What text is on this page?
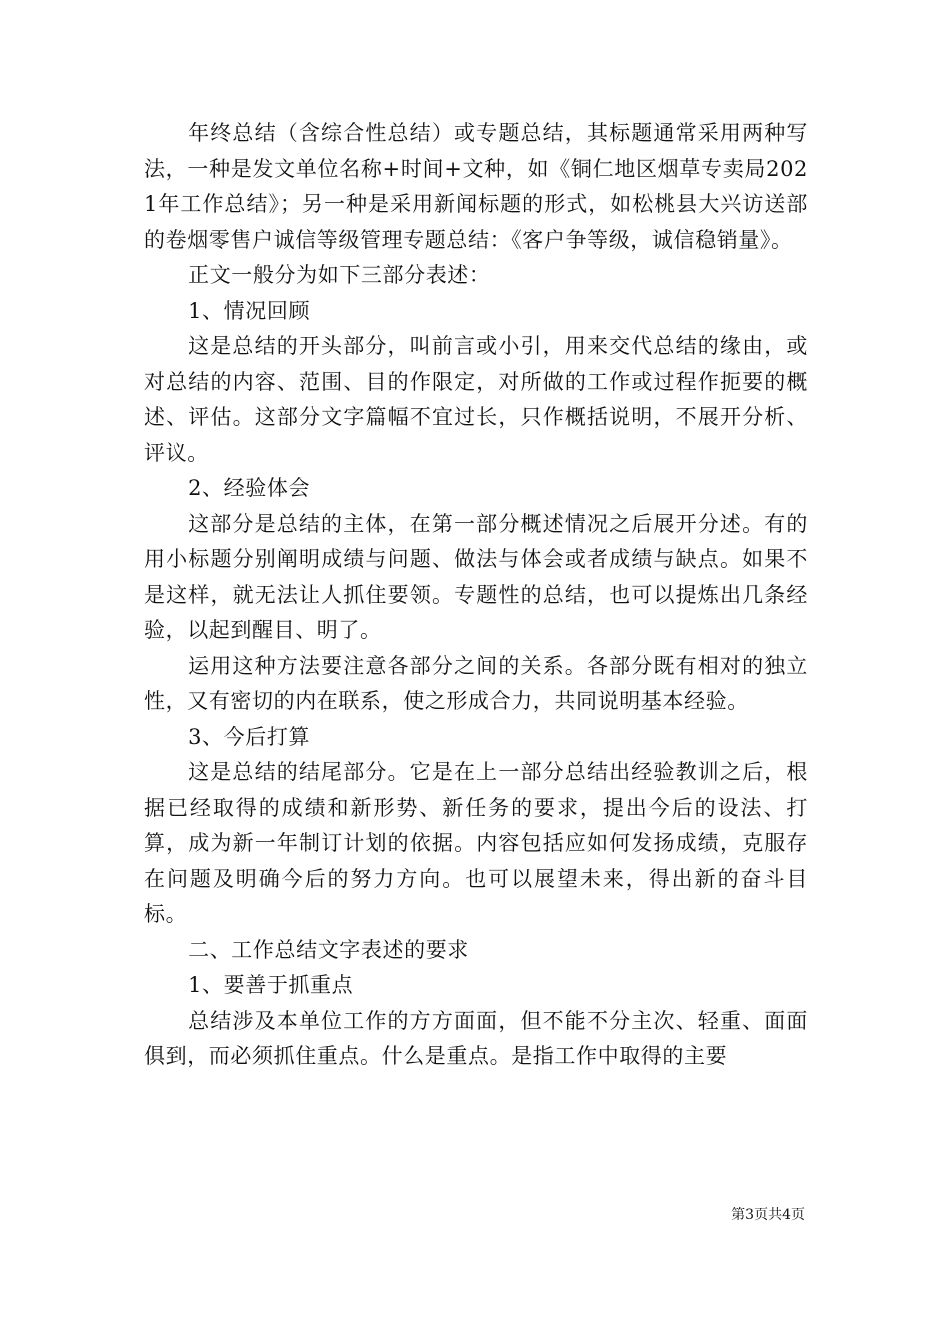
年终总结（含综合性总结）或专题总结，其标题通常采用两种写法，一种是发文单位名称+时间+文种，如《铜仁地区烟草专卖局2021年工作总结》；另一种是采用新闻标题的形式，如松桃县大兴访送部的卷烟零售户诚信等级管理专题总结：《客户争等级，诚信稳销量》。

正文一般分为如下三部分表述：

1、情况回顾

这是总结的开头部分，叫前言或小引，用来交代总结的缘由，或对总结的内容、范围、目的作限定，对所做的工作或过程作扼要的概述、评估。这部分文字篇幅不宜过长，只作概括说明，不展开分析、评议。

2、经验体会

这部分是总结的主体，在第一部分概述情况之后展开分述。有的用小标题分别阐明成绩与问题、做法与体会或者成绩与缺点。如果不是这样，就无法让人抓住要领。专题性的总结，也可以提炼出几条经验，以起到醒目、明了。

运用这种方法要注意各部分之间的关系。各部分既有相对的独立性，又有密切的内在联系，使之形成合力，共同说明基本经验。

3、今后打算

这是总结的结尾部分。它是在上一部分总结出经验教训之后，根据已经取得的成绩和新形势、新任务的要求，提出今后的设法、打算，成为新一年制订计划的依据。内容包括应如何发扬成绩，克服存在问题及明确今后的努力方向。也可以展望未来，得出新的奋斗目标。

二、工作总结文字表述的要求

1、要善于抓重点

总结涉及本单位工作的方方面面，但不能不分主次、轻重、面面俱到，而必须抓住重点。什么是重点。是指工作中取得的主要

第3页共4页
